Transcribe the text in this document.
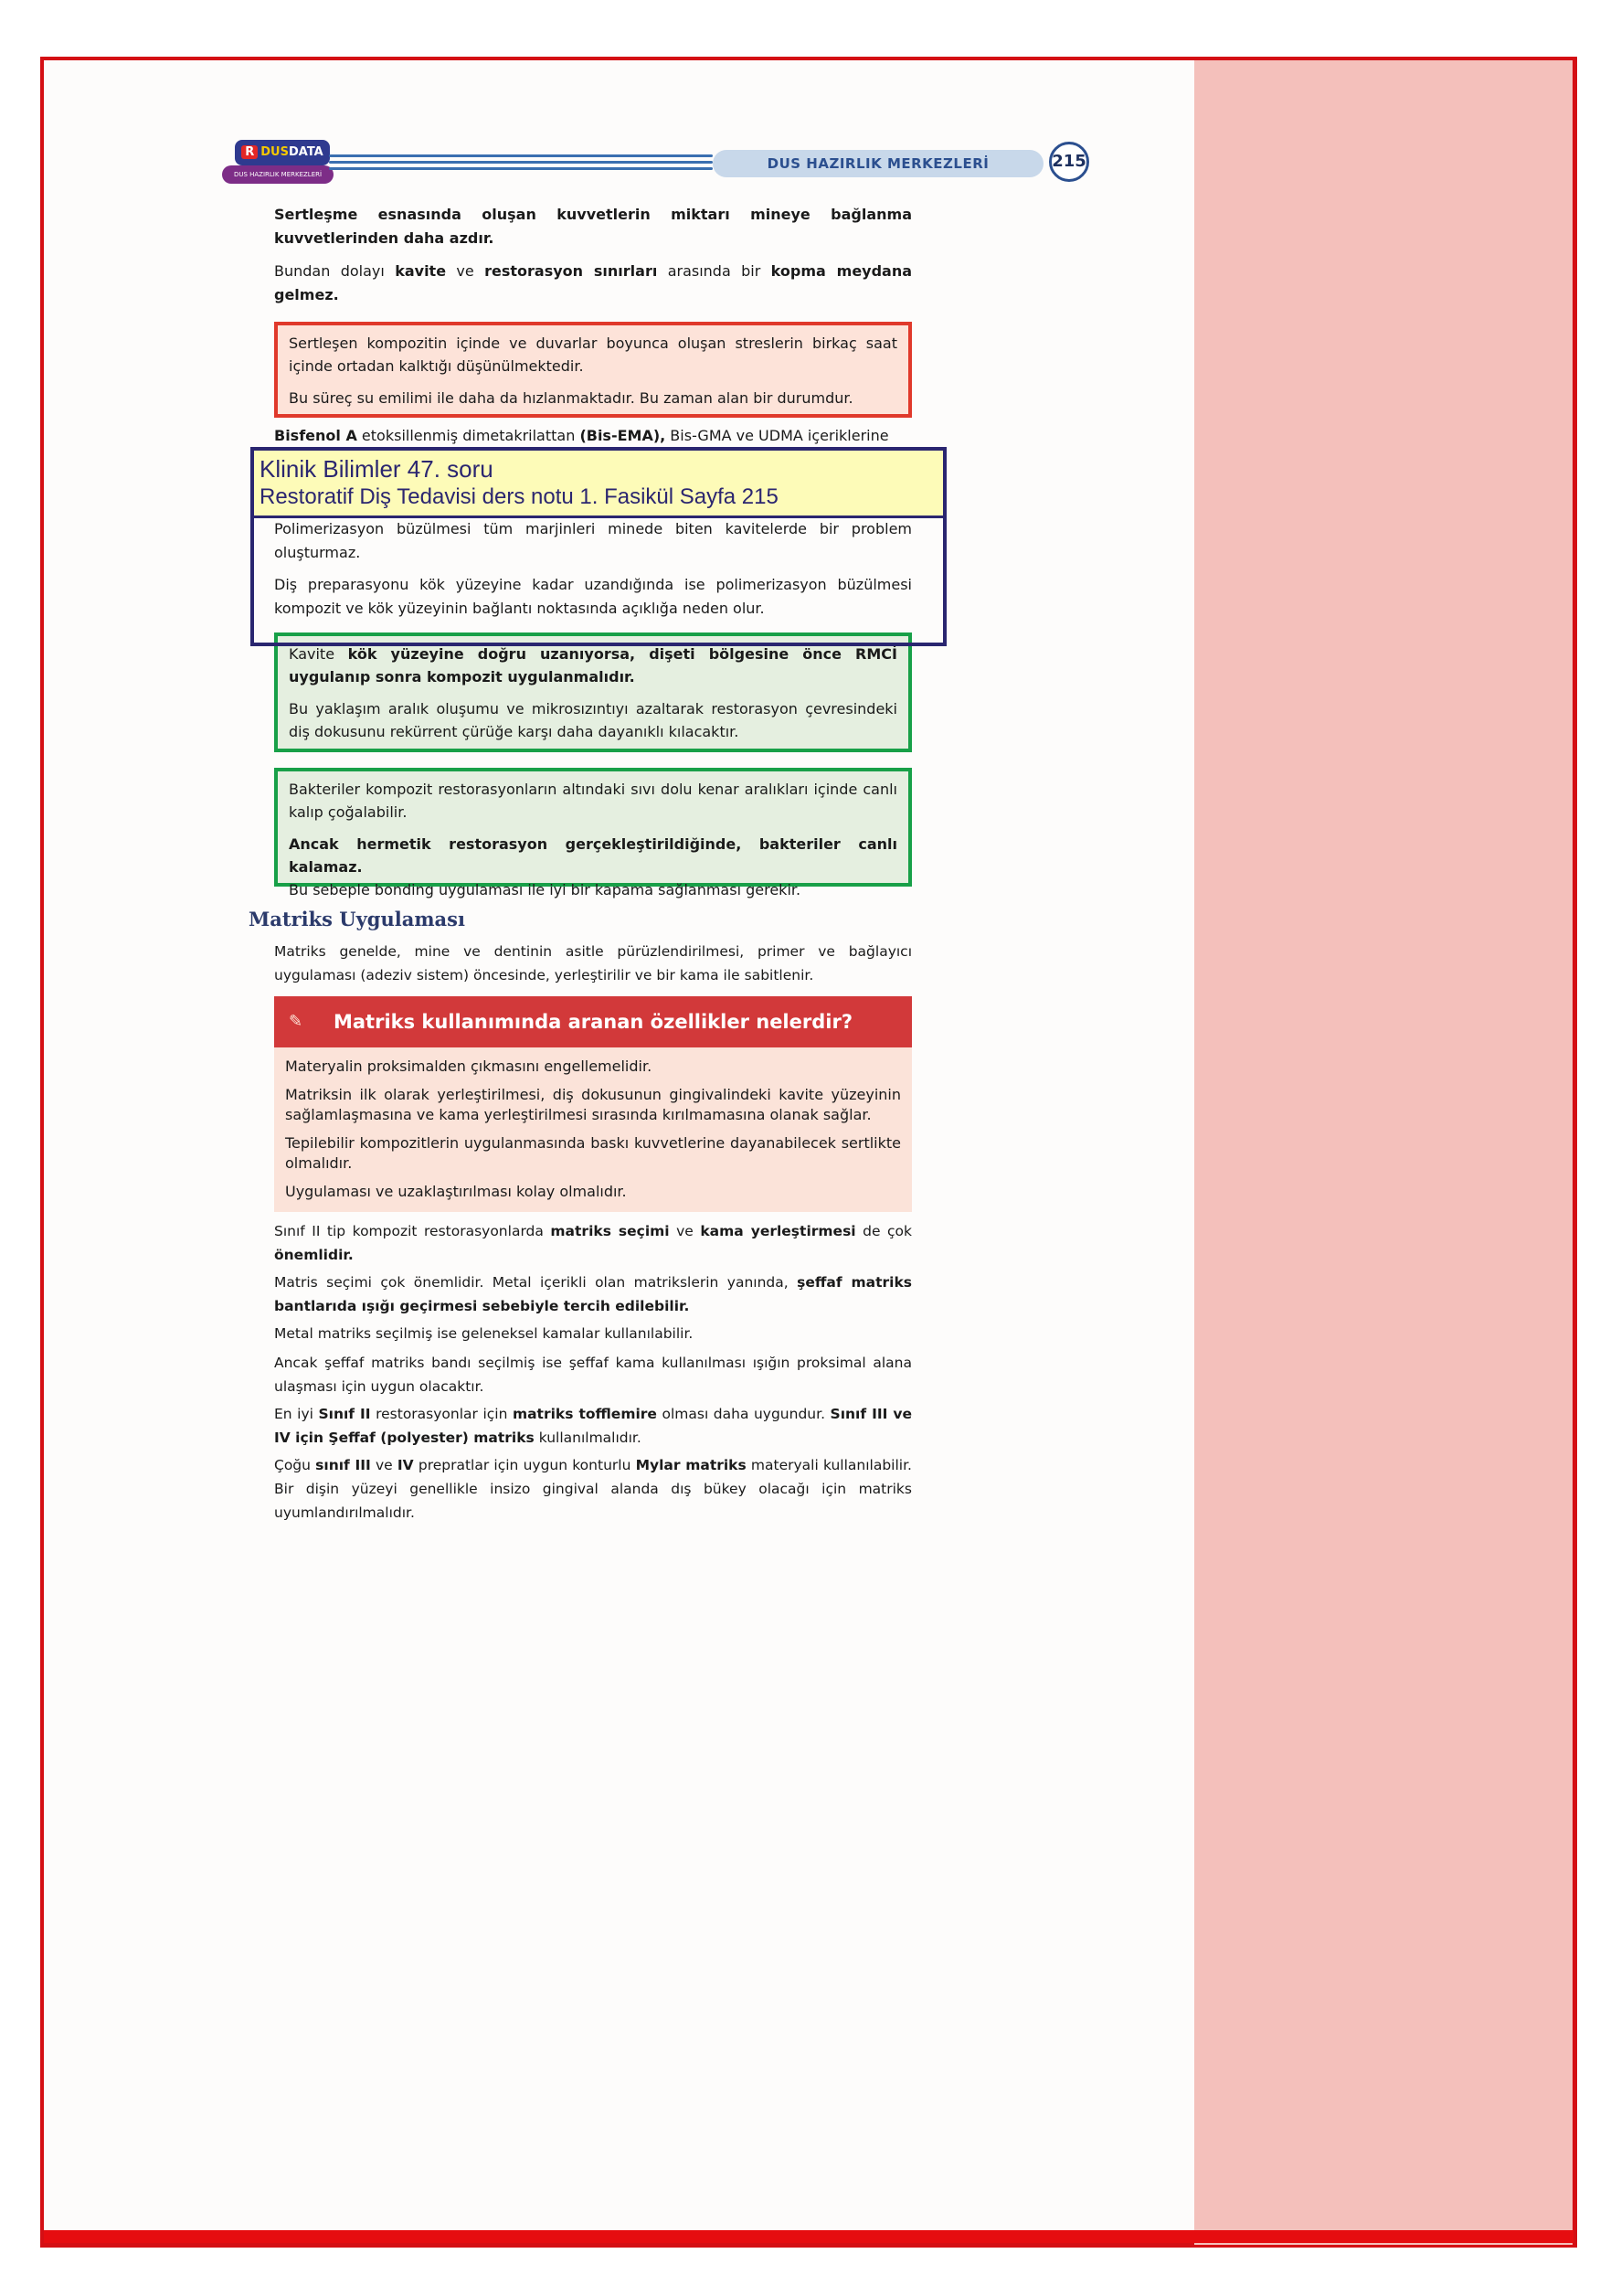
R DUSDATA
DUS HAZIRLIK MERKEZLERİ
DUS HAZIRLIK MERKEZLERİ	215
Sertleşme esnasında oluşan kuvvetlerin miktarı mineye bağlanma kuvvetlerinden daha azdır.
Bundan dolayı kavite ve restorasyon sınırları arasında bir kopma meydana gelmez.

Sertleşen kompozitin içinde ve duvarlar boyunca oluşan streslerin birkaç saat içinde ortadan kalktığı düşünülmektedir.

Bu süreç su emilimi ile daha da hızlanmaktadır. Bu zaman alan bir durumdur.

Bisfenol A etoksillenmiş dimetakrilattan (Bis-EMA), Bis-GMA ve UDMA içeriklerine
Polimerizasyon büzülmesi tüm marjinleri minede biten kavitelerde bir problem oluşturmaz.
Diş preparasyonu kök yüzeyine kadar uzandığında ise polimerizasyon büzülmesi kompozit ve kök yüzeyinin bağlantı noktasında açıklığa neden olur.

Kavite kök yüzeyine doğru uzanıyorsa, dişeti bölgesine önce RMCİ uygulanıp sonra kompozit uygulanmalıdır.

Bu yaklaşım aralık oluşumu ve mikrosızıntıyı azaltarak restorasyon çevresindeki diş dokusunu rekürrent çürüğe karşı daha dayanıklı kılacaktır.

Klinik Bilimler 47. soru
Restoratif Diş Tedavisi ders notu 1. Fasikül Sayfa 215

Bakteriler kompozit restorasyonların altındaki sıvı dolu kenar aralıkları içinde canlı kalıp çoğalabilir.

Ancak hermetik restorasyon gerçekleştirildiğinde, bakteriler canlı kalamaz.

Bu sebeple bonding uygulaması ile iyi bir kapama sağlanması gerekir.

Matriks Uygulaması
Matriks genelde, mine ve dentinin asitle pürüzlendirilmesi, primer ve bağlayıcı uygulaması (adeziv sistem) öncesinde, yerleştirilir ve bir kama ile sabitlenir.
✎ Matriks kullanımında aranan özellikler nelerdir?

Materyalin proksimalden çıkmasını engellemelidir.

Matriksin ilk olarak yerleştirilmesi, diş dokusunun gingivalindeki kavite yüzeyinin sağlamlaşmasına ve kama yerleştirilmesi sırasında kırılmamasına olanak sağlar.

Tepilebilir kompozitlerin uygulanmasında baskı kuvvetlerine dayanabilecek sertlikte olmalıdır.

Uygulaması ve uzaklaştırılması kolay olmalıdır.

Sınıf II tip kompozit restorasyonlarda matriks seçimi ve kama yerleştirmesi de çok önemlidir.
Matris seçimi çok önemlidir. Metal içerikli olan matrikslerin yanında, şeffaf matriks bantlarıda ışığı geçirmesi sebebiyle tercih edilebilir.
Metal matriks seçilmiş ise geleneksel kamalar kullanılabilir.
Ancak şeffaf matriks bandı seçilmiş ise şeffaf kama kullanılması ışığın proksimal alana ulaşması için uygun olacaktır.
En iyi Sınıf II restorasyonlar için matriks tofflemire olması daha uygundur. Sınıf III ve IV için Şeffaf (polyester) matriks kullanılmalıdır.
Çoğu sınıf III ve IV prepratlar için uygun konturlu Mylar matriks materyali kullanılabilir. Bir dişin yüzeyi genellikle insizo gingival alanda dış bükey olacağı için matriks uyumlandırılmalıdır.
